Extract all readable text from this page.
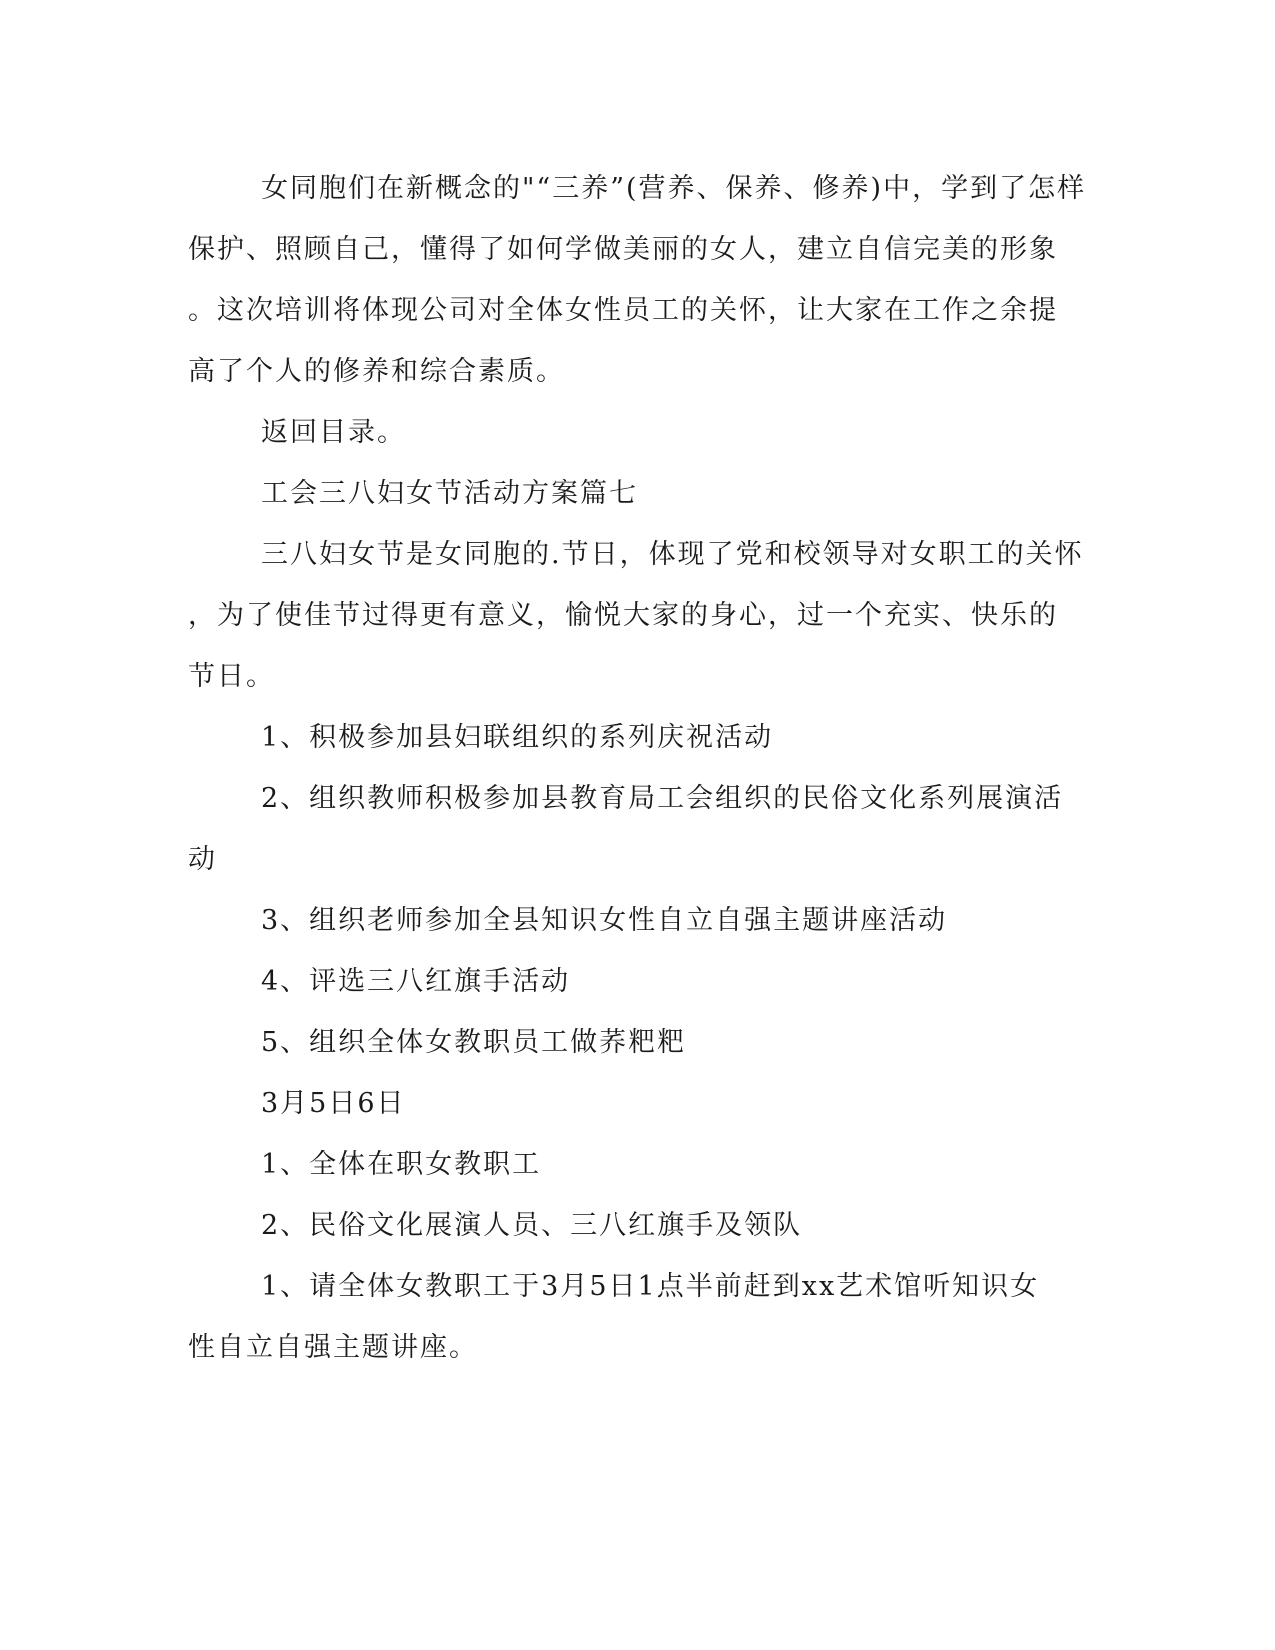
女同胞们在新概念的"“三养”(营养、保养、修养)中，学到了怎样
保护、照顾自己，懂得了如何学做美丽的女人，建立自信完美的形象
。这次培训将体现公司对全体女性员工的关怀，让大家在工作之余提
高了个人的修养和综合素质。
返回目录。
工会三八妇女节活动方案篇七
三八妇女节是女同胞的.节日，体现了党和校领导对女职工的关怀
，为了使佳节过得更有意义，愉悦大家的身心，过一个充实、快乐的
节日。
1、积极参加县妇联组织的系列庆祝活动
2、组织教师积极参加县教育局工会组织的民俗文化系列展演活
动
3、组织老师参加全县知识女性自立自强主题讲座活动
4、评选三八红旗手活动
5、组织全体女教职员工做荞粑粑
3月5日6日
1、全体在职女教职工
2、民俗文化展演人员、三八红旗手及领队
1、请全体女教职工于3月5日1点半前赶到xx艺术馆听知识女
性自立自强主题讲座。
